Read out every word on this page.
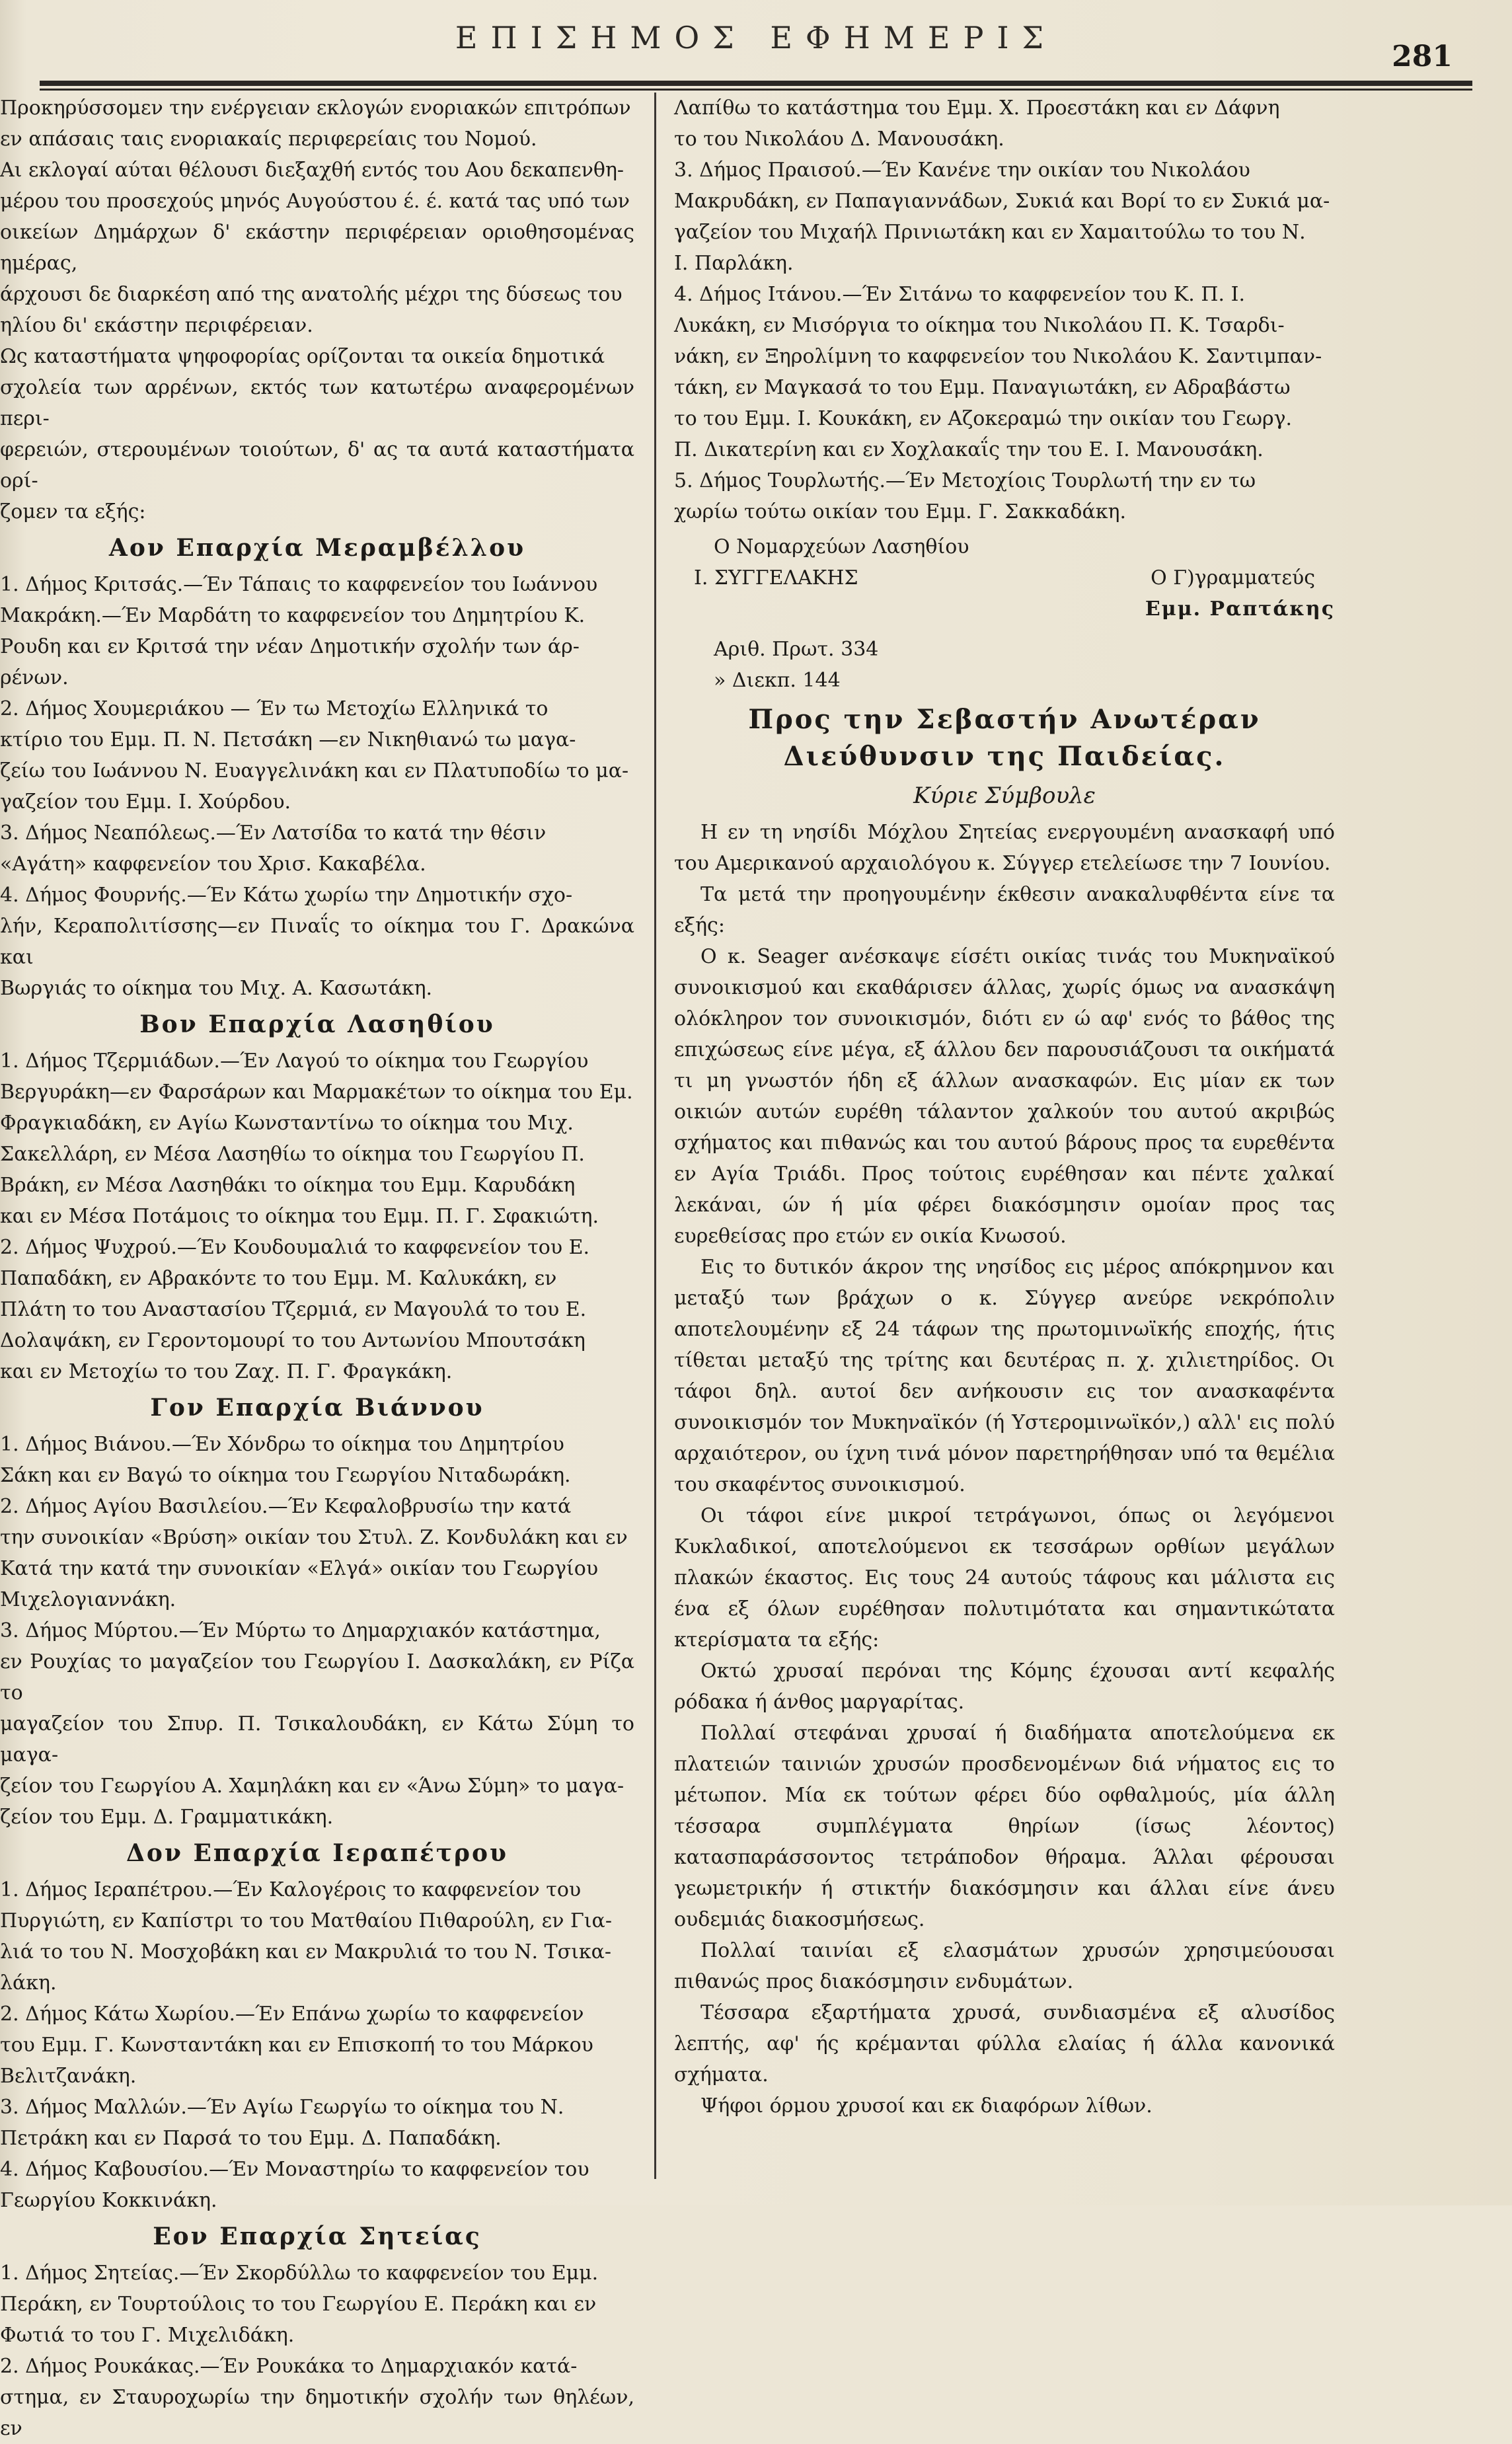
ΕΠΙΣΗΜΟΣ ΕΦΗΜΕΡΙΣ
281

Προκηρύσσομεν την ενέργειαν εκλογών ενοριακών επιτρόπων

εν απάσαις ταις ενοριακαίς περιφερείαις του Νομού.

Αι εκλογαί αύται θέλουσι διεξαχθή εντός του Αου δεκαπενθη-

μέρου του προσεχούς μηνός Αυγούστου έ. έ. κατά τας υπό των

οικείων Δημάρχων δ' εκάστην περιφέρειαν οριοθησομένας ημέρας,

άρχουσι δε διαρκέση από της ανατολής μέχρι της δύσεως του

ηλίου δι' εκάστην περιφέρειαν.

Ως καταστήματα ψηφοφορίας ορίζονται τα οικεία δημοτικά

σχολεία των αρρένων, εκτός των κατωτέρω αναφερομένων περι-

φερειών, στερουμένων τοιούτων, δ' ας τα αυτά καταστήματα ορί-

ζομεν τα εξής:

Αον Επαρχία Μεραμβέλλου

1. Δήμος Κριτσάς.—Έν Τάπαις το καφφενείον του Ιωάννου

Μακράκη.—Έν Μαρδάτη το καφφενείον του Δημητρίου Κ.

Ρουδη και εν Κριτσά την νέαν Δημοτικήν σχολήν των άρ-

ρένων.

2. Δήμος Χουμεριάκου — Έν τω Μετοχίω Ελληνικά το

κτίριο του Εμμ. Π. Ν. Πετσάκη —εν Νικηθιανώ τω μαγα-

ζείω του Ιωάννου Ν. Ευαγγελινάκη και εν Πλατυποδίω το μα-

γαζείον του Εμμ. Ι. Χούρδου.

3. Δήμος Νεαπόλεως.—Έν Λατσίδα το κατά την θέσιν

«Αγάτη» καφφενείον του Χρισ. Κακαβέλα.

4. Δήμος Φουρνής.—Έν Κάτω χωρίω την Δημοτικήν σχο-

λήν, Κεραπολιτίσσης—εν Πιναΐς το οίκημα του Γ. Δρακώνα και

Βωργιάς το οίκημα του Μιχ. Α. Κασωτάκη.

Βον Επαρχία Λασηθίου

1. Δήμος Τζερμιάδων.—Έν Λαγού το οίκημα του Γεωργίου

Βεργυράκη—εν Φαρσάρων και Μαρμακέτων το οίκημα του Εμ.

Φραγκιαδάκη, εν Αγίω Κωνσταντίνω το οίκημα του Μιχ.

Σακελλάρη, εν Μέσα Λασηθίω το οίκημα του Γεωργίου Π.

Βράκη, εν Μέσα Λασηθάκι το οίκημα του Εμμ. Καρυδάκη

και εν Μέσα Ποτάμοις το οίκημα του Εμμ. Π. Γ. Σφακιώτη.

2. Δήμος Ψυχρού.—Έν Κουδουμαλιά το καφφενείον του Ε.

Παπαδάκη, εν Αβρακόντε το του Εμμ. Μ. Καλυκάκη, εν

Πλάτη το του Αναστασίου Τζερμιά, εν Μαγουλά το του Ε.

Δολαψάκη, εν Γεροντομουρί το του Αντωνίου Μπουτσάκη

και εν Μετοχίω το του Ζαχ. Π. Γ. Φραγκάκη.

Γον Επαρχία Βιάννου

1. Δήμος Βιάνου.—Έν Χόνδρω το οίκημα του Δημητρίου

Σάκη και εν Βαγώ το οίκημα του Γεωργίου Νιταδωράκη.

2. Δήμος Αγίου Βασιλείου.—Έν Κεφαλοβρυσίω την κατά

την συνοικίαν «Βρύση» οικίαν του Στυλ. Ζ. Κονδυλάκη και εν

Κατά την κατά την συνοικίαν «Ελγά» οικίαν του Γεωργίου

Μιχελογιαννάκη.

3. Δήμος Μύρτου.—Έν Μύρτω το Δημαρχιακόν κατάστημα,

εν Ρουχίας το μαγαζείον του Γεωργίου Ι. Δασκαλάκη, εν Ρίζα το

μαγαζείον του Σπυρ. Π. Τσικαλουδάκη, εν Κάτω Σύμη το μαγα-

ζείον του Γεωργίου Α. Χαμηλάκη και εν «Άνω Σύμη» το μαγα-

ζείον του Εμμ. Δ. Γραμματικάκη.

Δον Επαρχία Ιεραπέτρου

1. Δήμος Ιεραπέτρου.—Έν Καλογέροις το καφφενείον του

Πυργιώτη, εν Καπίστρι το του Ματθαίου Πιθαρούλη, εν Για-

λιά το του Ν. Μοσχοβάκη και εν Μακρυλιά το του Ν. Τσικα-

λάκη.

2. Δήμος Κάτω Χωρίου.—Έν Επάνω χωρίω το καφφενείον

του Εμμ. Γ. Κωνσταντάκη και εν Επισκοπή το του Μάρκου

Βελιτζανάκη.

3. Δήμος Μαλλών.—Έν Αγίω Γεωργίω το οίκημα του Ν.

Πετράκη και εν Παρσά το του Εμμ. Δ. Παπαδάκη.

4. Δήμος Καβουσίου.—Έν Μοναστηρίω το καφφενείον του

Γεωργίου Κοκκινάκη.

Εον Επαρχία Σητείας

1. Δήμος Σητείας.—Έν Σκορδύλλω το καφφενείον του Εμμ.

Περάκη, εν Τουρτούλοις το του Γεωργίου Ε. Περάκη και εν

Φωτιά το του Γ. Μιχελιδάκη.

2. Δήμος Ρουκάκας.—Έν Ρουκάκα το Δημαρχιακόν κατά-

στημα, εν Σταυροχωρίω την δημοτικήν σχολήν των θηλέων, εν

Λαπίθω το κατάστημα του Εμμ. Χ. Προεστάκη και εν Δάφνη

το του Νικολάου Δ. Μανουσάκη.

3. Δήμος Πραισού.—Έν Κανένε την οικίαν του Νικολάου

Μακρυδάκη, εν Παπαγιαννάδων, Συκιά και Βορί το εν Συκιά μα-

γαζείον του Μιχαήλ Πρινιωτάκη και εν Χαμαιτούλω το του Ν.

Ι. Παρλάκη.

4. Δήμος Ιτάνου.—Έν Σιτάνω το καφφενείον του Κ. Π. Ι.

Λυκάκη, εν Μισόργια το οίκημα του Νικολάου Π. Κ. Τσαρδι-

νάκη, εν Ξηρολίμνη το καφφενείον του Νικολάου Κ. Σαντιμπαν-

τάκη, εν Μαγκασά το του Εμμ. Παναγιωτάκη, εν Αδραβάστω

το του Εμμ. Ι. Κουκάκη, εν Αζοκεραμώ την οικίαν του Γεωργ.

Π. Δικατερίνη και εν Χοχλακαΐς την του Ε. Ι. Μανουσάκη.

5. Δήμος Τουρλωτής.—Έν Μετοχίοις Τουρλωτή την εν τω

χωρίω τούτω οικίαν του Εμμ. Γ. Σακκαδάκη.

Ο Νομαρχεύων Λασηθίου

Ι. ΣΥΓΓΕΛΑΚΗΣ	Ο Γ)γραμματεύς

Εμμ. Ραπτάκης

Αριθ. Πρωτ. 334

» Διεκπ. 144

Προς την Σεβαστήν Ανωτέραν Διεύθυνσιν της Παιδείας.
Κύριε Σύμβουλε

Η εν τη νησίδι Μόχλου Σητείας ενεργουμένη ανασκαφή υπό του Αμερικανού αρχαιολόγου κ. Σύγγερ ετελείωσε την 7 Ιουνίου.

Τα μετά την προηγουμένην έκθεσιν ανακαλυφθέντα είνε τα εξής:

Ο κ. Seager ανέσκαψε είσέτι οικίας τινάς του Μυκηναϊκού συνοικισμού και εκαθάρισεν άλλας, χωρίς όμως να ανασκάψη ολόκληρον τον συνοικισμόν, διότι εν ώ αφ' ενός το βάθος της επιχώσεως είνε μέγα, εξ άλλου δεν παρουσιάζουσι τα οικήματά τι μη γνωστόν ήδη εξ άλλων ανασκαφών. Εις μίαν εκ των οικιών αυτών ευρέθη τάλαντον χαλκούν του αυτού ακριβώς σχήματος και πιθανώς και του αυτού βάρους προς τα ευρεθέντα εν Αγία Τριάδι. Προς τούτοις ευρέθησαν και πέντε χαλκαί λεκάναι, ών ή μία φέρει διακόσμησιν ομοίαν προς τας ευρεθείσας προ ετών εν οικία Κνωσού.

Εις το δυτικόν άκρον της νησίδος εις μέρος απόκρημνον και μεταξύ των βράχων ο κ. Σύγγερ ανεύρε νεκρόπολιν αποτελουμένην εξ 24 τάφων της πρωτομινωϊκής εποχής, ήτις τίθεται μεταξύ της τρίτης και δευτέρας π. χ. χιλιετηρίδος. Οι τάφοι δηλ. αυτοί δεν ανήκουσιν εις τον ανασκαφέντα συνοικισμόν τον Μυκηναϊκόν (ή Υστερομινωϊκόν,) αλλ' εις πολύ αρχαιότερον, ου ίχνη τινά μόνον παρετηρήθησαν υπό τα θεμέλια του σκαφέντος συνοικισμού.

Οι τάφοι είνε μικροί τετράγωνοι, όπως οι λεγόμενοι Κυκλαδικοί, αποτελούμενοι εκ τεσσάρων ορθίων μεγάλων πλακών έκαστος. Εις τους 24 αυτούς τάφους και μάλιστα εις ένα εξ όλων ευρέθησαν πολυτιμότατα και σημαντικώτατα κτερίσματα τα εξής:

Οκτώ χρυσαί περόναι της Κόμης έχουσαι αντί κεφαλής ρόδακα ή άνθος μαργαρίτας.

Πολλαί στεφάναι χρυσαί ή διαδήματα αποτελούμενα εκ πλατειών ταινιών χρυσών προσδενομένων διά νήματος εις το μέτωπον. Μία εκ τούτων φέρει δύο οφθαλμούς, μία άλλη τέσσαρα συμπλέγματα θηρίων (ίσως λέοντος) κατασπαράσσοντος τετράποδον θήραμα. Άλλαι φέρουσαι γεωμετρικήν ή στικτήν διακόσμησιν και άλλαι είνε άνευ ουδεμιάς διακοσμήσεως.

Πολλαί ταινίαι εξ ελασμάτων χρυσών χρησιμεύουσαι πιθανώς προς διακόσμησιν ενδυμάτων.

Τέσσαρα εξαρτήματα χρυσά, συνδιασμένα εξ αλυσίδος λεπτής, αφ' ής κρέμανται φύλλα ελαίας ή άλλα κανονικά σχήματα.

Ψήφοι όρμου χρυσοί και εκ διαφόρων λίθων.
